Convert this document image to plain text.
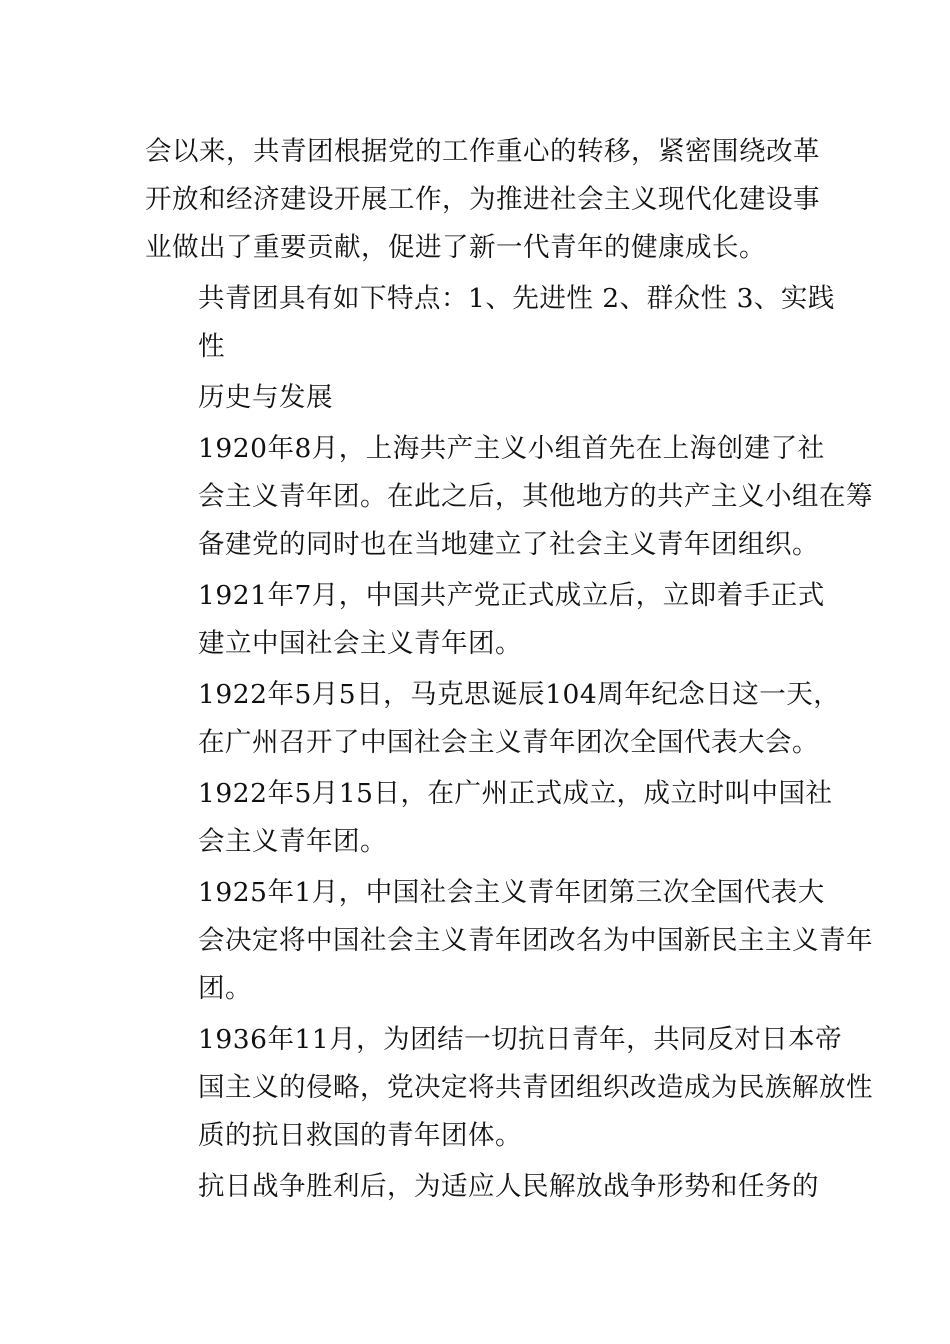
会以来，共青团根据党的工作重心的转移，紧密围绕改革
开放和经济建设开展工作，为推进社会主义现代化建设事
业做出了重要贡献，促进了新一代青年的健康成长。
共青团具有如下特点：1、先进性 2、群众性 3、实践
性
历史与发展
1920年8月，上海共产主义小组首先在上海创建了社
会主义青年团。在此之后，其他地方的共产主义小组在筹
备建党的同时也在当地建立了社会主义青年团组织。
1921年7月，中国共产党正式成立后，立即着手正式
建立中国社会主义青年团。
1922年5月5日，马克思诞辰104周年纪念日这一天，
在广州召开了中国社会主义青年团次全国代表大会。
1922年5月15日，在广州正式成立，成立时叫中国社
会主义青年团。
1925年1月，中国社会主义青年团第三次全国代表大
会决定将中国社会主义青年团改名为中国新民主主义青年
团。
1936年11月，为团结一切抗日青年，共同反对日本帝
国主义的侵略，党决定将共青团组织改造成为民族解放性
质的抗日救国的青年团体。
抗日战争胜利后，为适应人民解放战争形势和任务的
